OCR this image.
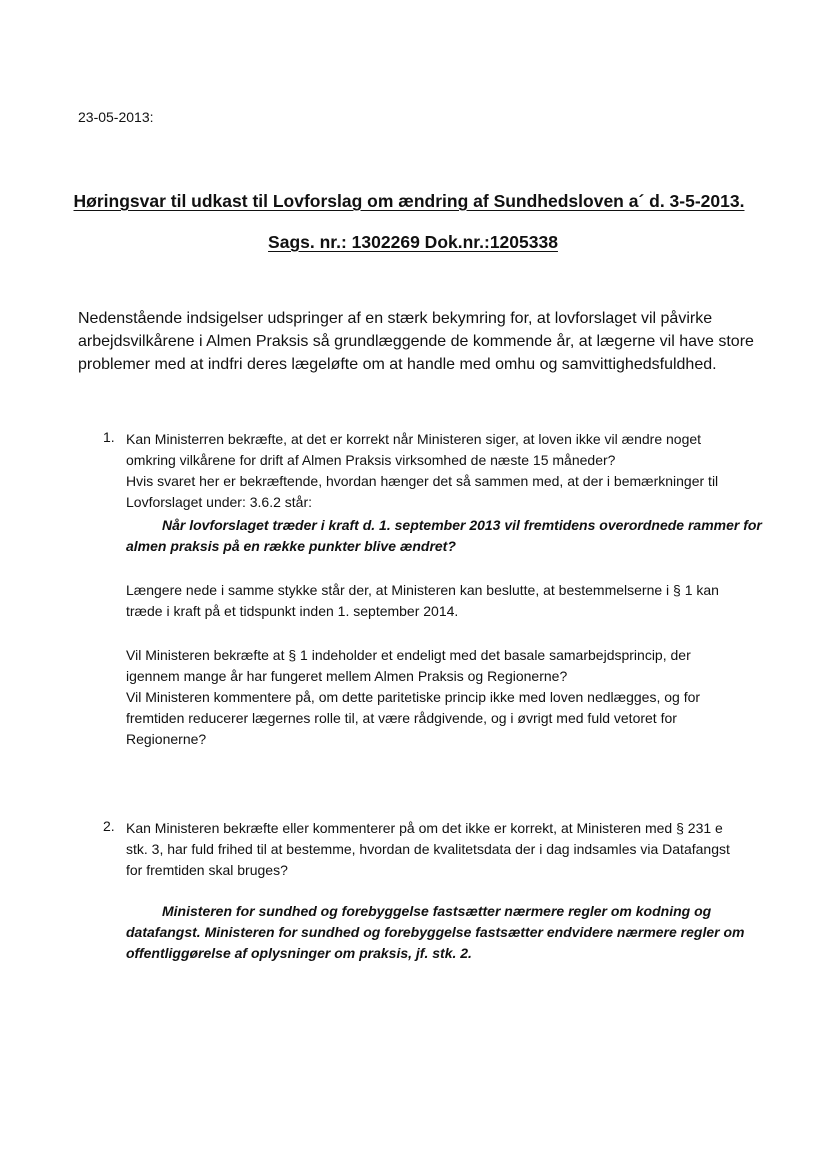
23-05-2013:
Høringsvar til udkast til Lovforslag om ændring af Sundhedsloven a´ d. 3-5-2013.
Sags. nr.: 1302269 Dok.nr.:1205338
Nedenstående indsigelser udspringer af en stærk bekymring for, at lovforslaget vil påvirke
arbejdsvilkårene i Almen Praksis så grundlæggende de kommende år, at lægerne vil have store
problemer med at indfri deres lægeløfte om at handle med omhu og samvittighedsfuldhed.
1. Kan Ministerren bekræfte, at det er korrekt når Ministeren siger, at loven ikke vil ændre noget
omkring vilkårene for drift af Almen Praksis virksomhed de næste 15 måneder?
Hvis svaret her er bekræftende, hvordan hænger det så sammen med, at der i bemærkninger til
Lovforslaget under: 3.6.2 står:
Når lovforslaget træder i kraft d. 1. september 2013 vil fremtidens overordnede rammer for
almen praksis på en række punkter blive ændret?
Længere nede i samme stykke står der, at Ministeren kan beslutte, at bestemmelserne i § 1 kan
træde i kraft på et tidspunkt inden 1. september 2014.
Vil Ministeren bekræfte at § 1 indeholder et endeligt med det basale samarbejdsprincip, der
igennem mange år har fungeret mellem Almen Praksis og Regionerne?
Vil Ministeren kommentere på, om dette paritetiske princip ikke med loven nedlægges, og for
fremtiden reducerer lægernes rolle til, at være rådgivende, og i øvrigt med fuld vetoret for
Regionerne?
2. Kan Ministeren bekræfte eller kommenterer på om det ikke er korrekt, at Ministeren med § 231 e
stk. 3, har fuld frihed til at bestemme, hvordan de kvalitetsdata der i dag indsamles via Datafangst
for fremtiden skal bruges?
Ministeren for sundhed og forebyggelse fastsætter nærmere regler om kodning og
datafangst. Ministeren for sundhed og forebyggelse fastsætter endvidere nærmere regler om
offentliggørelse af oplysninger om praksis, jf. stk. 2.
